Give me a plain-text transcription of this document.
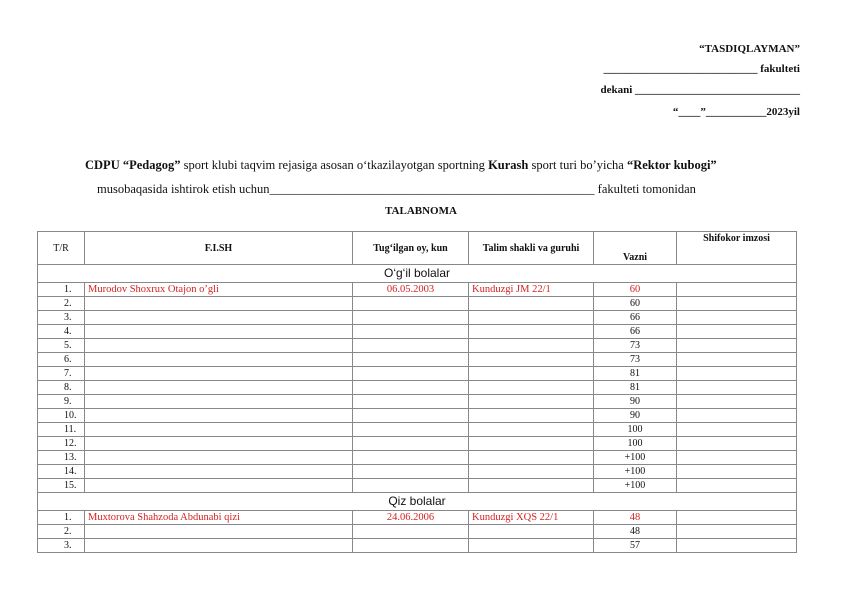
“TASDIQLAYMAN”
____________________________ fakulteti
dekani ______________________________
“____”___________2023yil
CDPU “Pedagog” sport klubi taqvim rejasiga asosan o‘tkazilayotgan sportning Kurash sport turi bo’yicha “Rektor kubogi”
musobaqasida ishtirok etish uchun____________________________________________________ fakulteti tomonidan
TALABNOMA
T/R	F.I.SH	Tug‘ilgan oy, kun	Talim shakli va guruhi	Vazni	Shifokor imzosi
O‘g‘il bolalar					
1.	Murodov Shoxrux Otajon o’gli	06.05.2003	Kunduzgi JM 22/1	60	
2.				60	
3.				66	
4.				66	
5.				73	
6.				73	
7.				81	
8.				81	
9.				90	
10.				90	
11.				100	
12.				100	
13.				+100	
14.				+100	
15.				+100	
Qiz bolalar					
1.	Muxtorova Shahzoda Abdunabi qizi	24.06.2006	Kunduzgi XQS 22/1	48	
2.				48	
3.				57	
